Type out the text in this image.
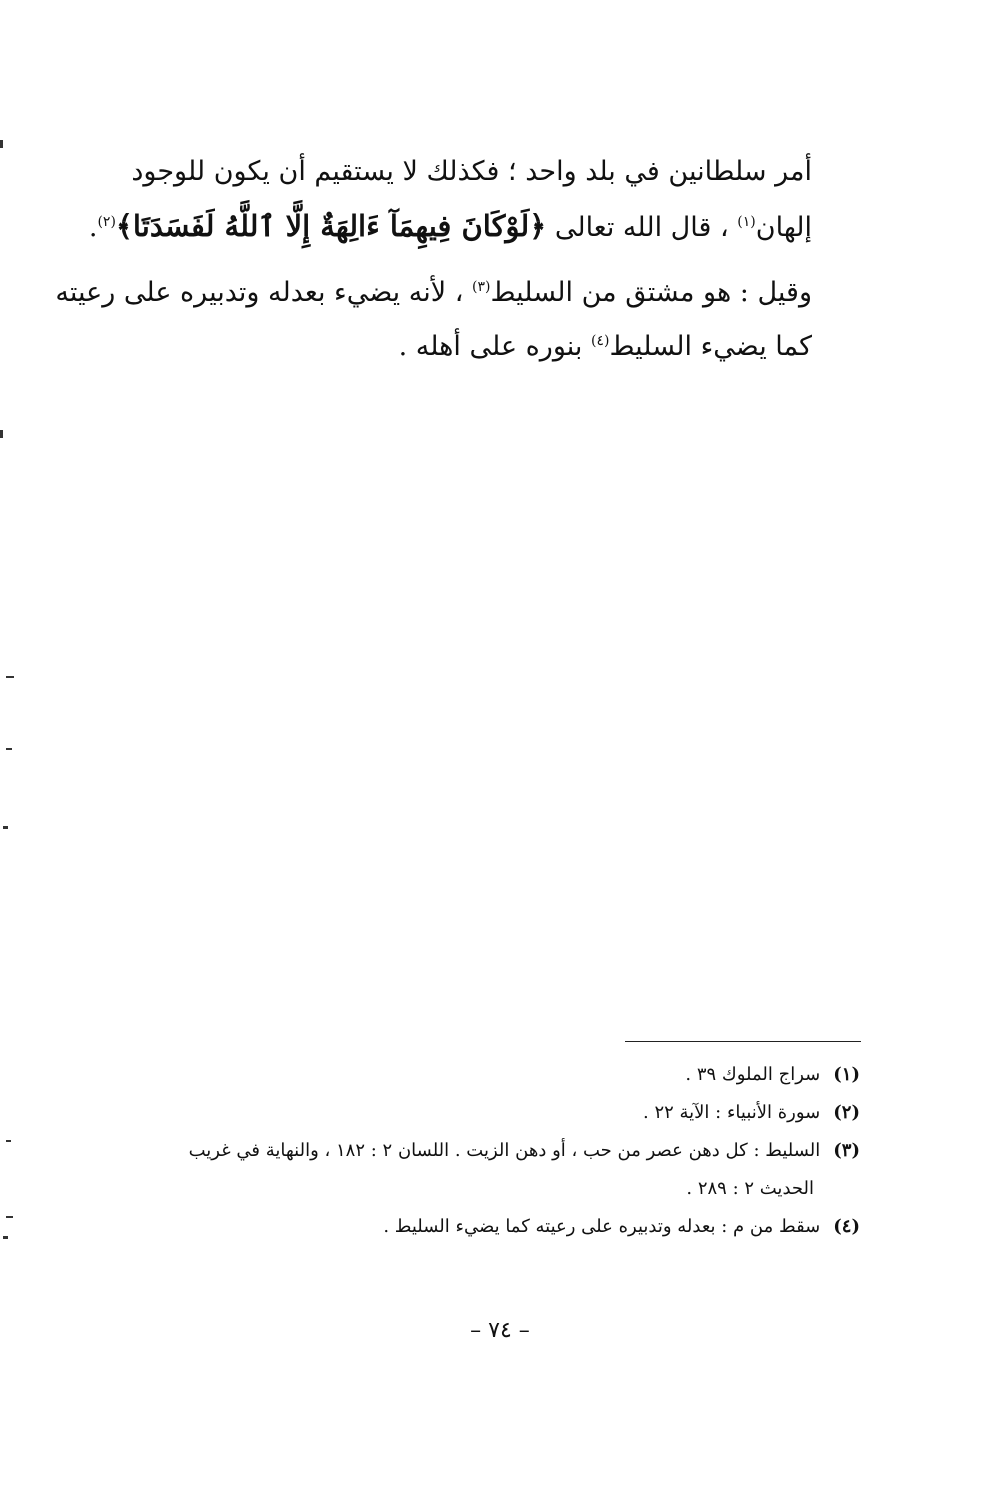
أمر سلطانين في بلد واحد ؛ فكذلك لا يستقيم أن يكون للوجود
إلهان$^{(١)}$ ، قال الله تعالى ﴿لَوْكَانَ فِيهِمَآ ءَالِهَةٌ إِلَّا ٱللَّهُ لَفَسَدَتَا﴾$^{(٢)}$.
وقيل : هو مشتق من السليط$^{(٣)}$ ، لأنه يضيء بعدله وتدبيره على رعيته
كما يضيء السليط$^{(٤)}$ بنوره على أهله .
(١) سراج الملوك ٣٩ .
(٢) سورة الأنبياء : الآية ٢٢ .
(٣) السليط : كل دهن عصر من حب ، أو دهن الزيت . اللسان ٢ : ١٨٢ ، والنهاية في غريب
الحديث ٢ : ٢٨٩ .
(٤) سقط من م : بعدله وتدبيره على رعيته كما يضيء السليط .
– ٧٤ –
